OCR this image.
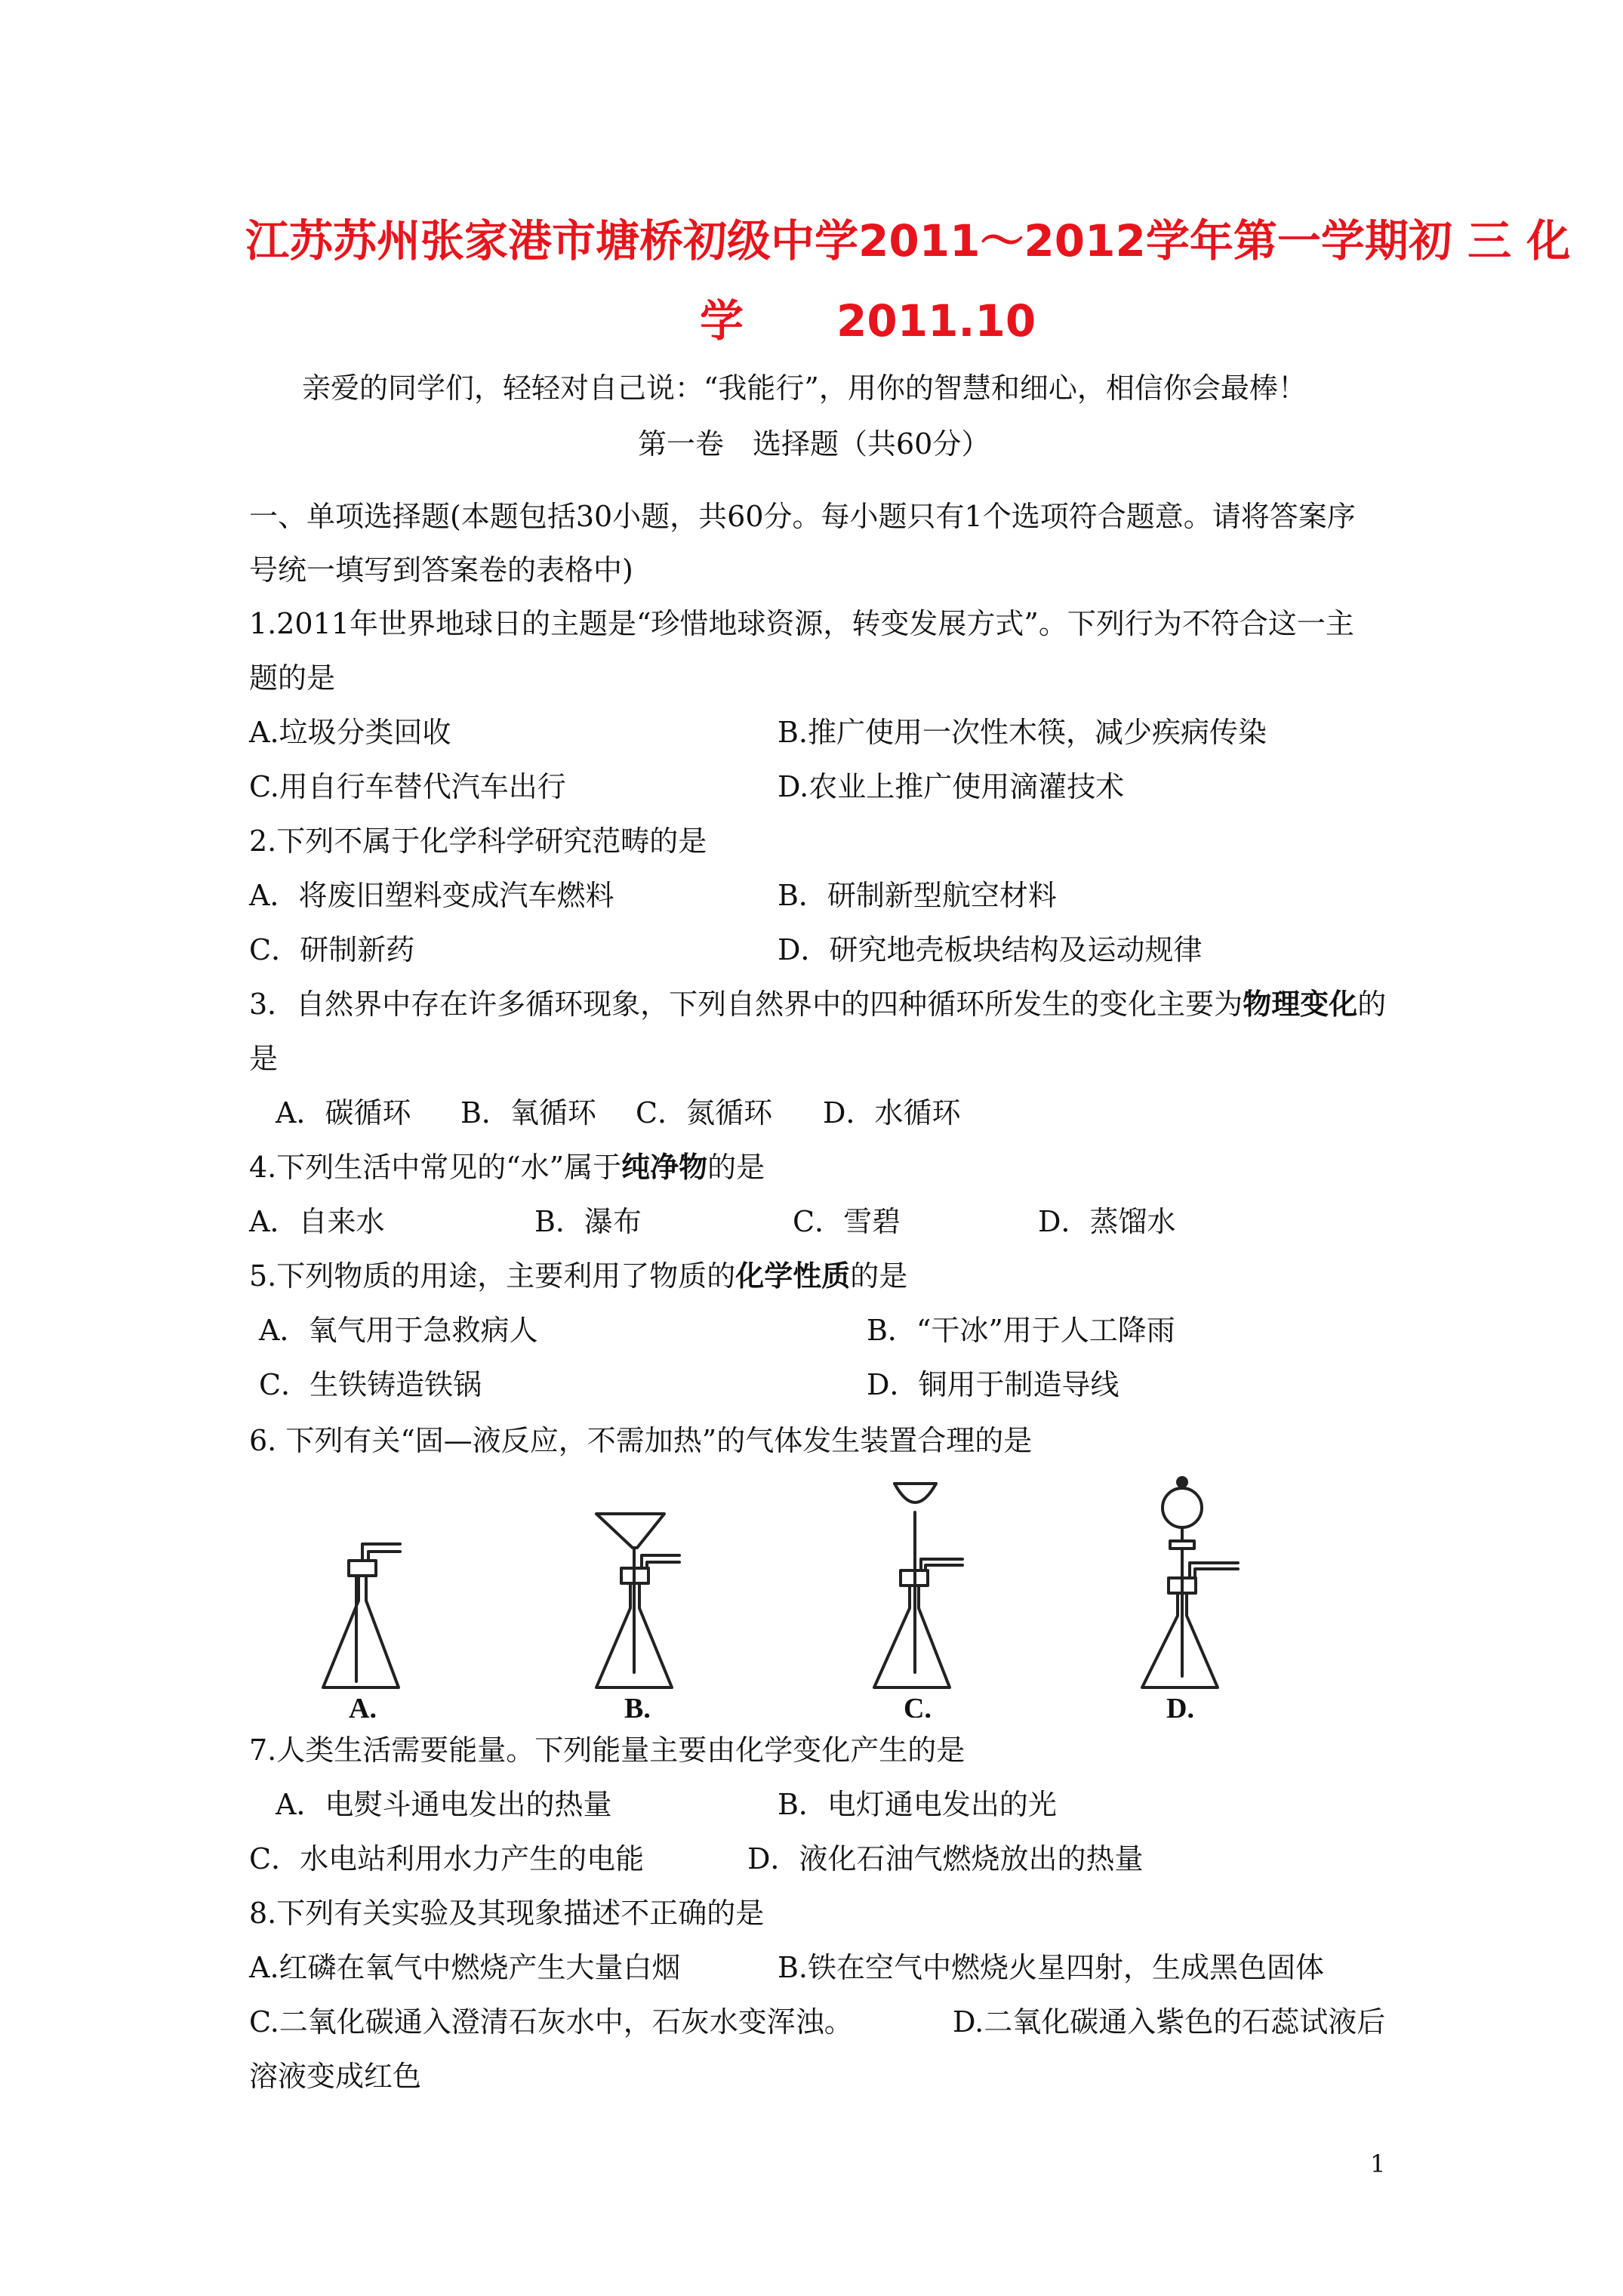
江苏苏州张家港市塘桥初级中学2011～2012学年第一学期初 三 化
学 2011.10
亲爱的同学们，轻轻对自己说：“我能行”，用你的智慧和细心，相信你会最棒！
第一卷　选择题（共60分）
一、单项选择题(本题包括30小题，共60分。每小题只有1个选项符合题意。请将答案序
号统一填写到答案卷的表格中)
1.2011年世界地球日的主题是“珍惜地球资源，转变发展方式”。下列行为不符合这一主
题的是
A.垃圾分类回收	B.推广使用一次性木筷，减少疾病传染
C.用自行车替代汽车出行	D.农业上推广使用滴灌技术
2.下列不属于化学科学研究范畴的是
A．将废旧塑料变成汽车燃料	B．研制新型航空材料
C．研制新药	D．研究地壳板块结构及运动规律
3．自然界中存在许多循环现象，下列自然界中的四种循环所发生的变化主要为物理变化的
是
A．碳循环 B．氧循环 C．氮循环 D．水循环
4.下列生活中常见的“水”属于纯净物的是
A．自来水	B．瀑布	C．雪碧	D．蒸馏水
5.下列物质的用途，主要利用了物质的化学性质的是
A．氧气用于急救病人	B．“干冰”用于人工降雨
C．生铁铸造铁锅	D．铜用于制造导线
6. 下列有关“固—液反应，不需加热”的气体发生装置合理的是
A.	B.	C.	D.
7.人类生活需要能量。下列能量主要由化学变化产生的是
A．电熨斗通电发出的热量	B．电灯通电发出的光
C．水电站利用水力产生的电能	D．液化石油气燃烧放出的热量
8.下列有关实验及其现象描述不正确的是
A.红磷在氧气中燃烧产生大量白烟	B.铁在空气中燃烧火星四射，生成黑色固体
C.二氧化碳通入澄清石灰水中，石灰水变浑浊。	D.二氧化碳通入紫色的石蕊试液后
溶液变成红色
1
